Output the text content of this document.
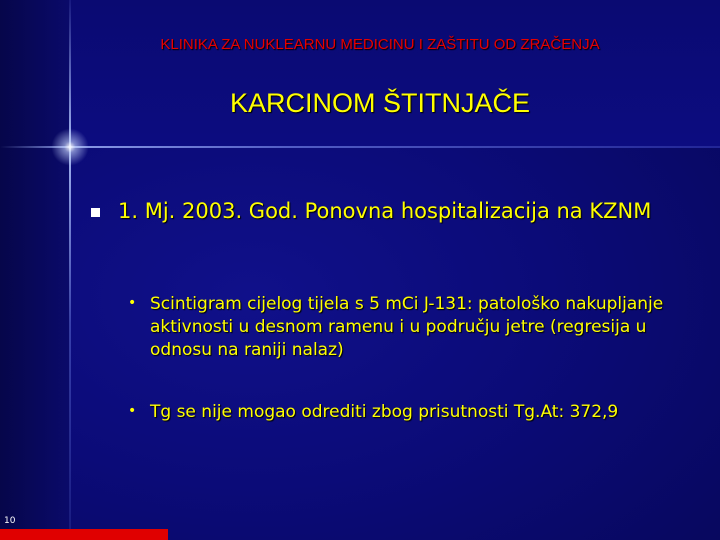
KLINIKA ZA NUKLEARNU MEDICINU I ZAŠTITU OD ZRAČENJA
KARCINOM ŠTITNJAČE
1. Mj. 2003. God. Ponovna hospitalizacija na KZNM
• Scintigram cijelog tijela s 5 mCi J-131: patološko nakupljanje aktivnosti u desnom ramenu i u području jetre (regresija u odnosu na raniji nalaz)
• Tg se nije mogao odrediti zbog prisutnosti Tg.At: 372,9
10
